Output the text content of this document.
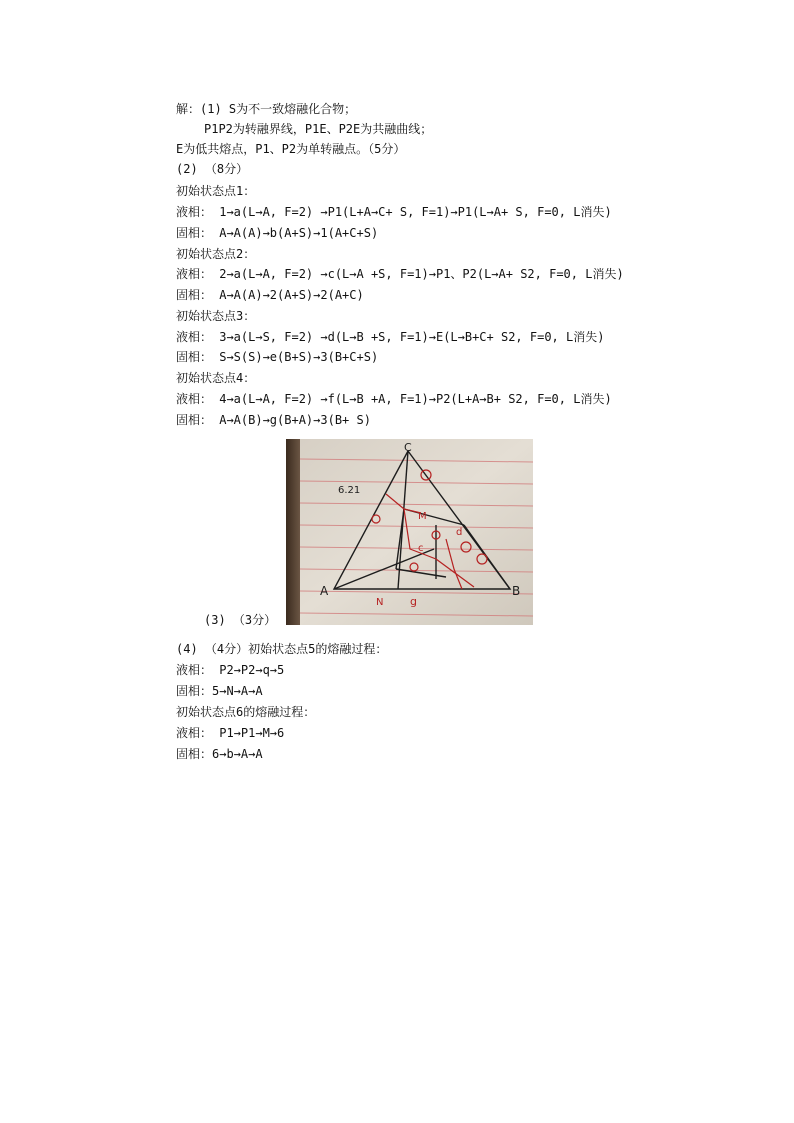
解：(1) S为不一致熔融化合物；
P1P2为转融界线，P1E、P2E为共融曲线；
E为低共熔点，P1、P2为单转融点。（5分）
(2) （8分）
初始状态点1：
液相： 1→a(L→A, F=2) →P1(L+A→C+ S, F=1)→P1(L→A+ S, F=0, L消失)
固相： A→A(A)→b(A+S)→1(A+C+S)
初始状态点2：
液相： 2→a(L→A, F=2) →c(L→A +S, F=1)→P1、P2(L→A+ S2, F=0, L消失)
固相： A→A(A)→2(A+S)→2(A+C)
初始状态点3：
液相： 3→a(L→S, F=2) →d(L→B +S, F=1)→E(L→B+C+ S2, F=0, L消失)
固相： S→S(S)→e(B+S)→3(B+C+S)
初始状态点4：
液相： 4→a(L→A, F=2) →f(L→B +A, F=1)→P2(L+A→B+ S2, F=0, L消失)
固相： A→A(B)→g(B+A)→3(B+ S)
(3) （3分）
C
A	B
6.21
N g
M
d
c
(4) （4分）初始状态点5的熔融过程：
液相： P2→P2→q→5
固相：5→N→A→A
初始状态点6的熔融过程：
液相： P1→P1→M→6
固相：6→b→A→A
